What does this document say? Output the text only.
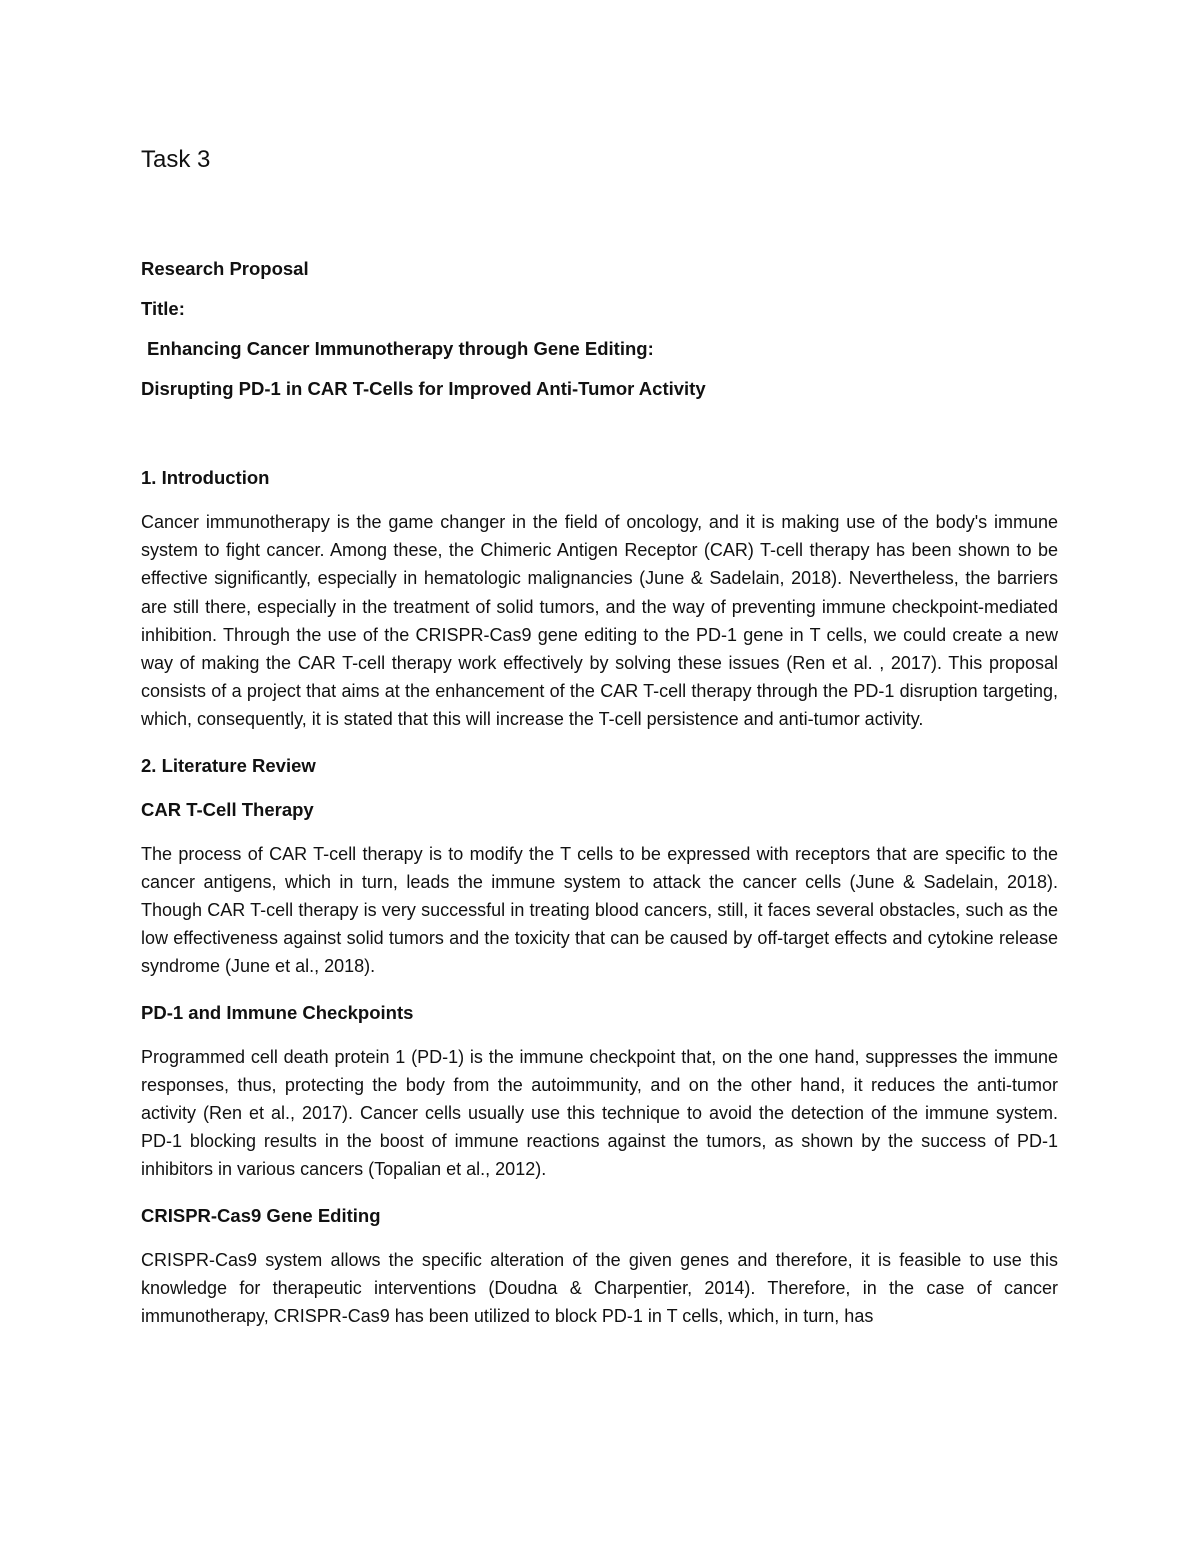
Task 3

Research Proposal

Title:

Enhancing Cancer Immunotherapy through Gene Editing:

Disrupting PD-1 in CAR T-Cells for Improved Anti-Tumor Activity

1. Introduction

Cancer immunotherapy is the game changer in the field of oncology, and it is making use of the body's immune system to fight cancer. Among these, the Chimeric Antigen Receptor (CAR) T-cell therapy has been shown to be effective significantly, especially in hematologic malignancies (June & Sadelain, 2018). Nevertheless, the barriers are still there, especially in the treatment of solid tumors, and the way of preventing immune checkpoint-mediated inhibition. Through the use of the CRISPR-Cas9 gene editing to the PD-1 gene in T cells, we could create a new way of making the CAR T-cell therapy work effectively by solving these issues (Ren et al. , 2017). This proposal consists of a project that aims at the enhancement of the CAR T-cell therapy through the PD-1 disruption targeting, which, consequently, it is stated that this will increase the T-cell persistence and anti-tumor activity.

2. Literature Review
CAR T-Cell Therapy

The process of CAR T-cell therapy is to modify the T cells to be expressed with receptors that are specific to the cancer antigens, which in turn, leads the immune system to attack the cancer cells (June & Sadelain, 2018). Though CAR T-cell therapy is very successful in treating blood cancers, still, it faces several obstacles, such as the low effectiveness against solid tumors and the toxicity that can be caused by off-target effects and cytokine release syndrome (June et al., 2018).

PD-1 and Immune Checkpoints

Programmed cell death protein 1 (PD-1) is the immune checkpoint that, on the one hand, suppresses the immune responses, thus, protecting the body from the autoimmunity, and on the other hand, it reduces the anti-tumor activity (Ren et al., 2017). Cancer cells usually use this technique to avoid the detection of the immune system. PD-1 blocking results in the boost of immune reactions against the tumors, as shown by the success of PD-1 inhibitors in various cancers (Topalian et al., 2012).

CRISPR-Cas9 Gene Editing

CRISPR-Cas9 system allows the specific alteration of the given genes and therefore, it is feasible to use this knowledge for therapeutic interventions (Doudna & Charpentier, 2014). Therefore, in the case of cancer immunotherapy, CRISPR-Cas9 has been utilized to block PD-1 in T cells, which, in turn, has
